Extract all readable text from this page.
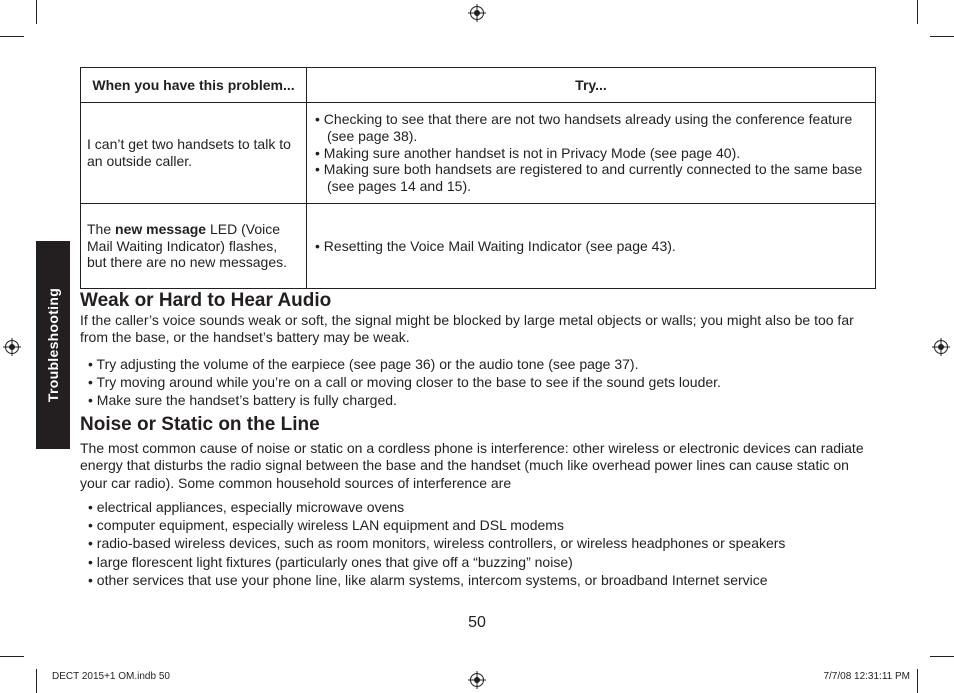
Troubleshooting
When you have this problem...	Try...
I can’t get two handsets to talk to an outside caller.	• Checking to see that there are not two handsets already using the conference feature (see page 38).
• Making sure another handset is not in Privacy Mode (see page 40).
• Making sure both handsets are registered to and currently connected to the same base (see pages 14 and 15).

The new message LED (Voice Mail Waiting Indicator) flashes, but there are no new messages.	• Resetting the Voice Mail Waiting Indicator (see page 43).
Weak or Hard to Hear Audio

If the caller’s voice sounds weak or soft, the signal might be blocked by large metal objects or walls; you might also be too far from the base, or the handset’s battery may be weak.

• Try adjusting the volume of the earpiece (see page 36) or the audio tone (see page 37).
• Try moving around while you’re on a call or moving closer to the base to see if the sound gets louder.
• Make sure the handset’s battery is fully charged.
Noise or Static on the Line

The most common cause of noise or static on a cordless phone is interference: other wireless or electronic devices can radiate energy that disturbs the radio signal between the base and the handset (much like overhead power lines can cause static on your car radio). Some common household sources of interference are

• electrical appliances, especially microwave ovens
• computer equipment, especially wireless LAN equipment and DSL modems
• radio-based wireless devices, such as room monitors, wireless controllers, or wireless headphones or speakers
• large florescent light fixtures (particularly ones that give off a “buzzing” noise)
• other services that use your phone line, like alarm systems, intercom systems, or broadband Internet service
50
DECT 2015+1 OM.indb 50	7/7/08 12:31:11 PM
